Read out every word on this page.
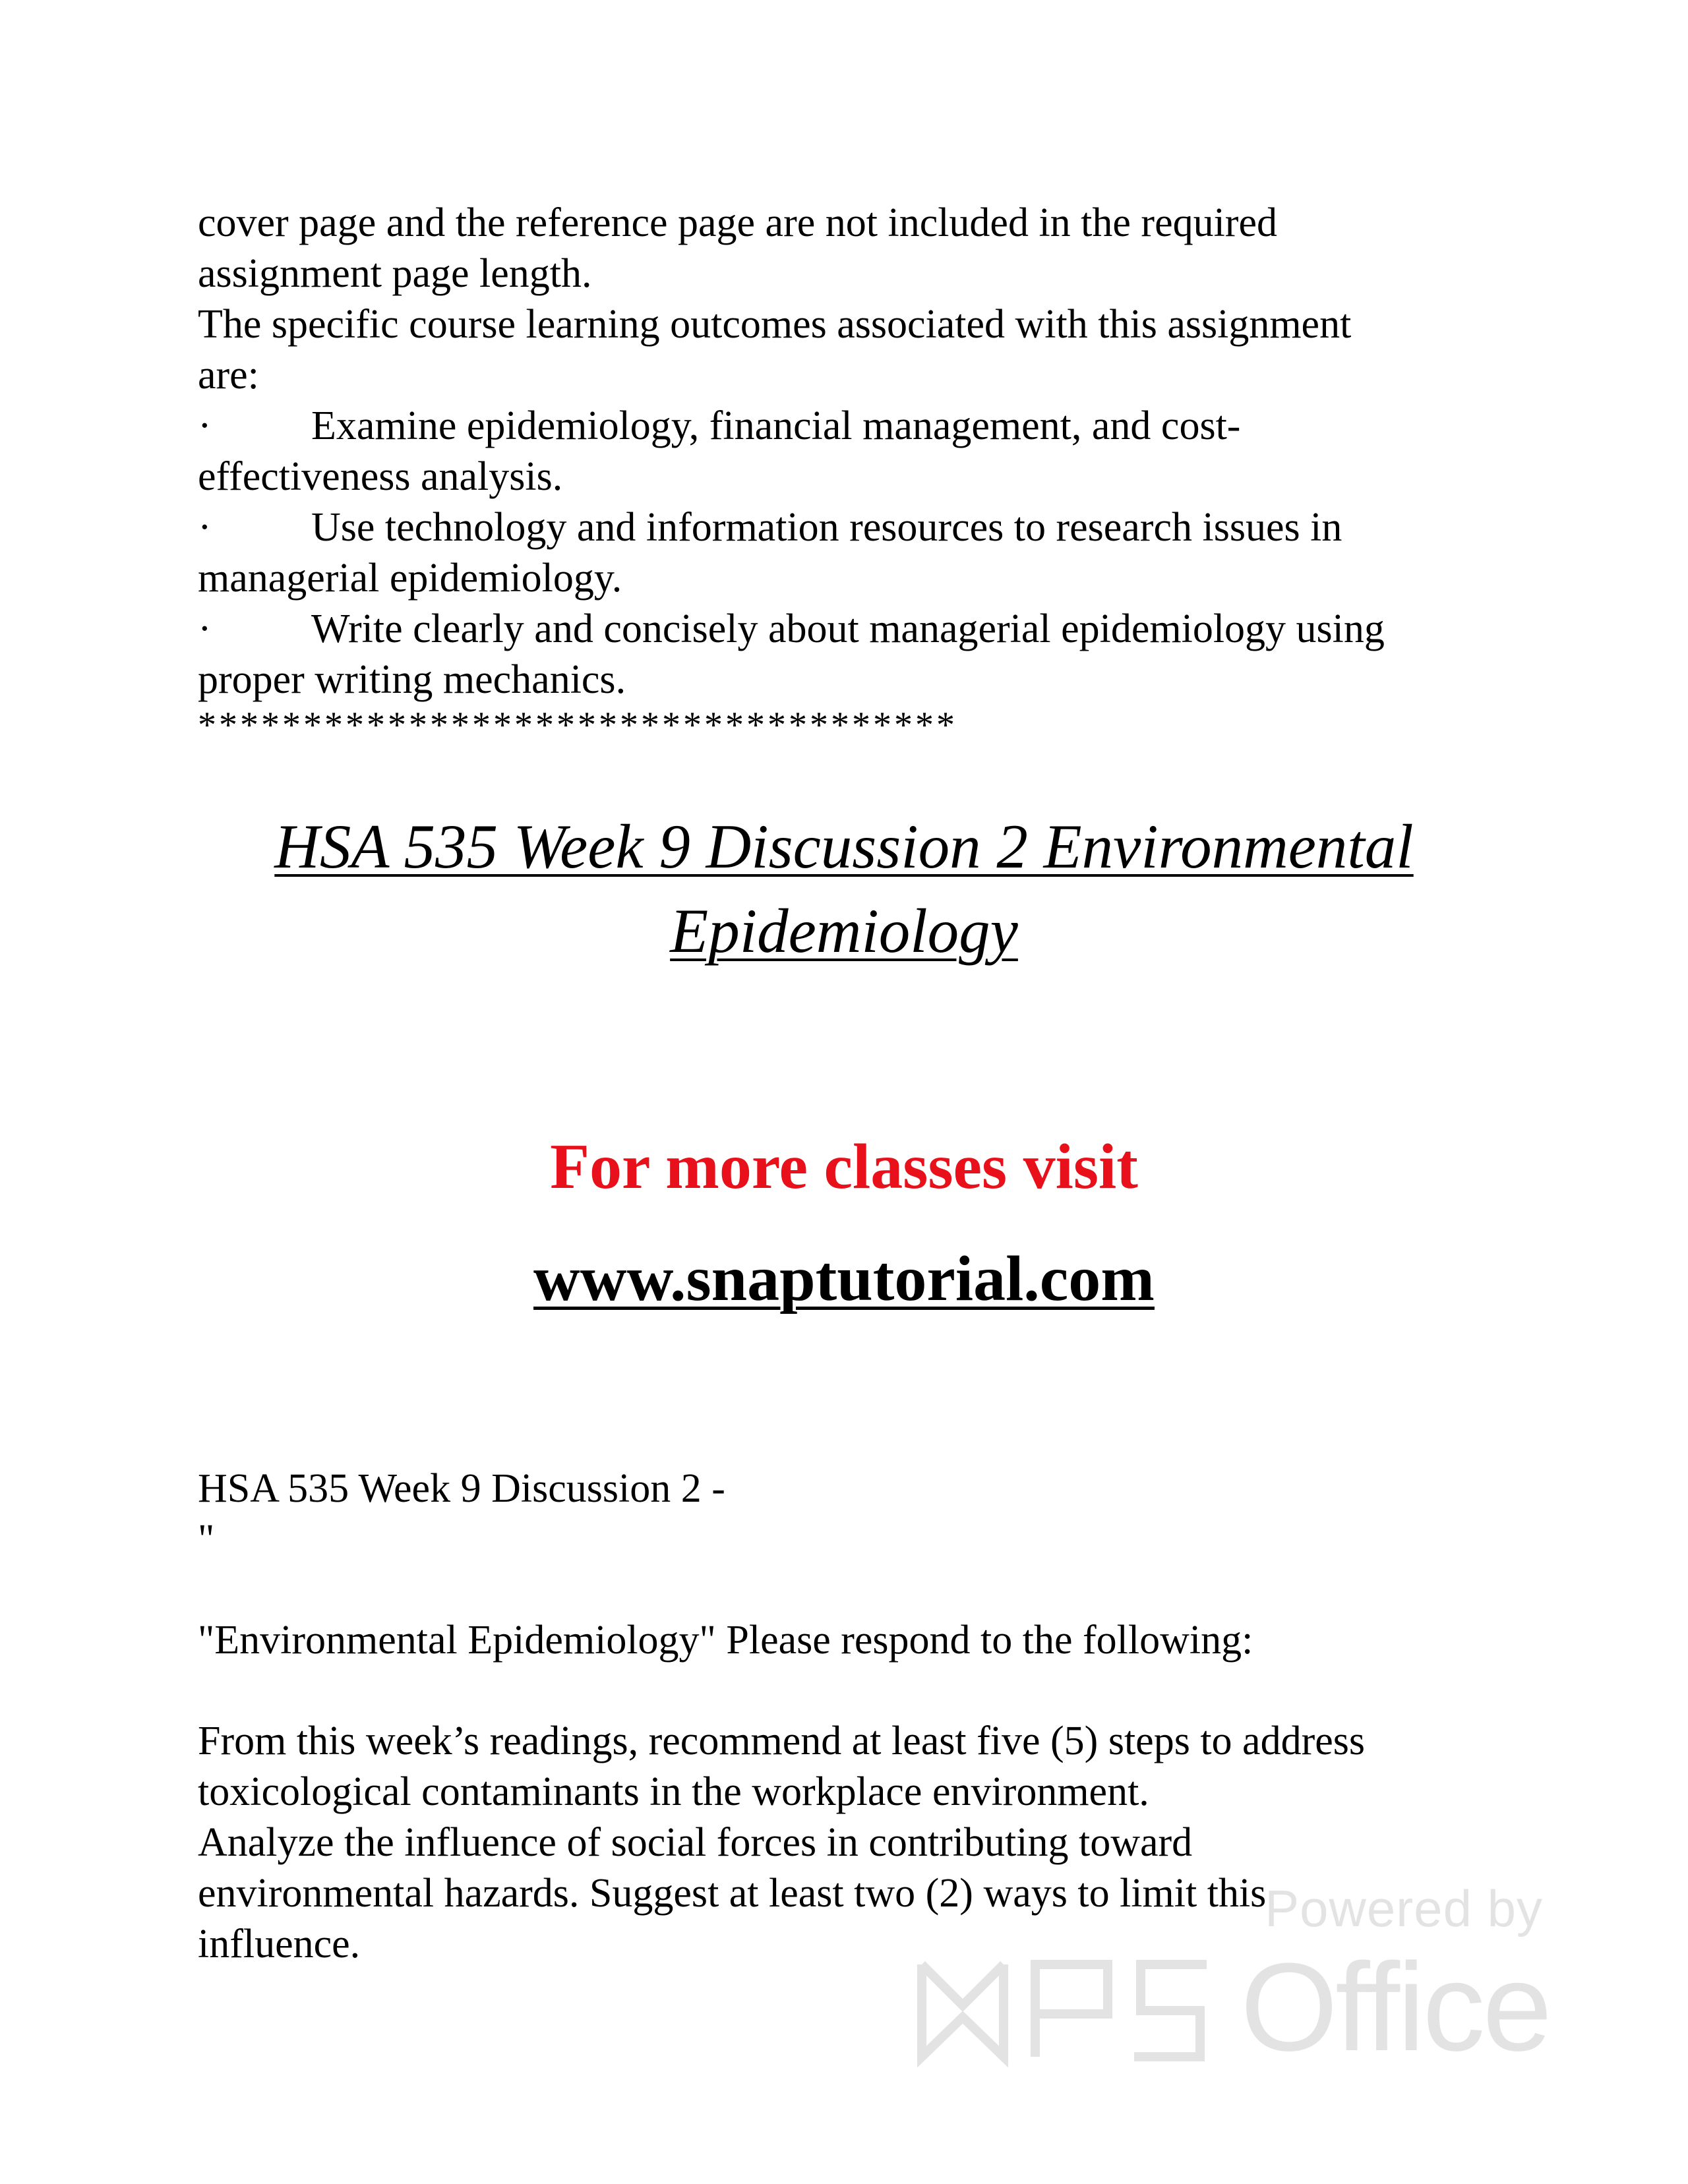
cover page and the reference page are not included in the required
assignment page length.
The specific course learning outcomes associated with this assignment
are:
· Examine epidemiology, financial management, and cost-
effectiveness analysis.
· Use technology and information resources to research issues in
managerial epidemiology.
· Write clearly and concisely about managerial epidemiology using
proper writing mechanics.
************************************
HSA 535 Week 9 Discussion 2 Environmental
Epidemiology
For more classes visit
www.snaptutorial.com
HSA 535 Week 9 Discussion 2 -
"
"Environmental Epidemiology" Please respond to the following:
From this week’s readings, recommend at least five (5) steps to address
toxicological contaminants in the workplace environment.
Analyze the influence of social forces in contributing toward
environmental hazards. Suggest at least two (2) ways to limit this
influence.
Powered by
Office
